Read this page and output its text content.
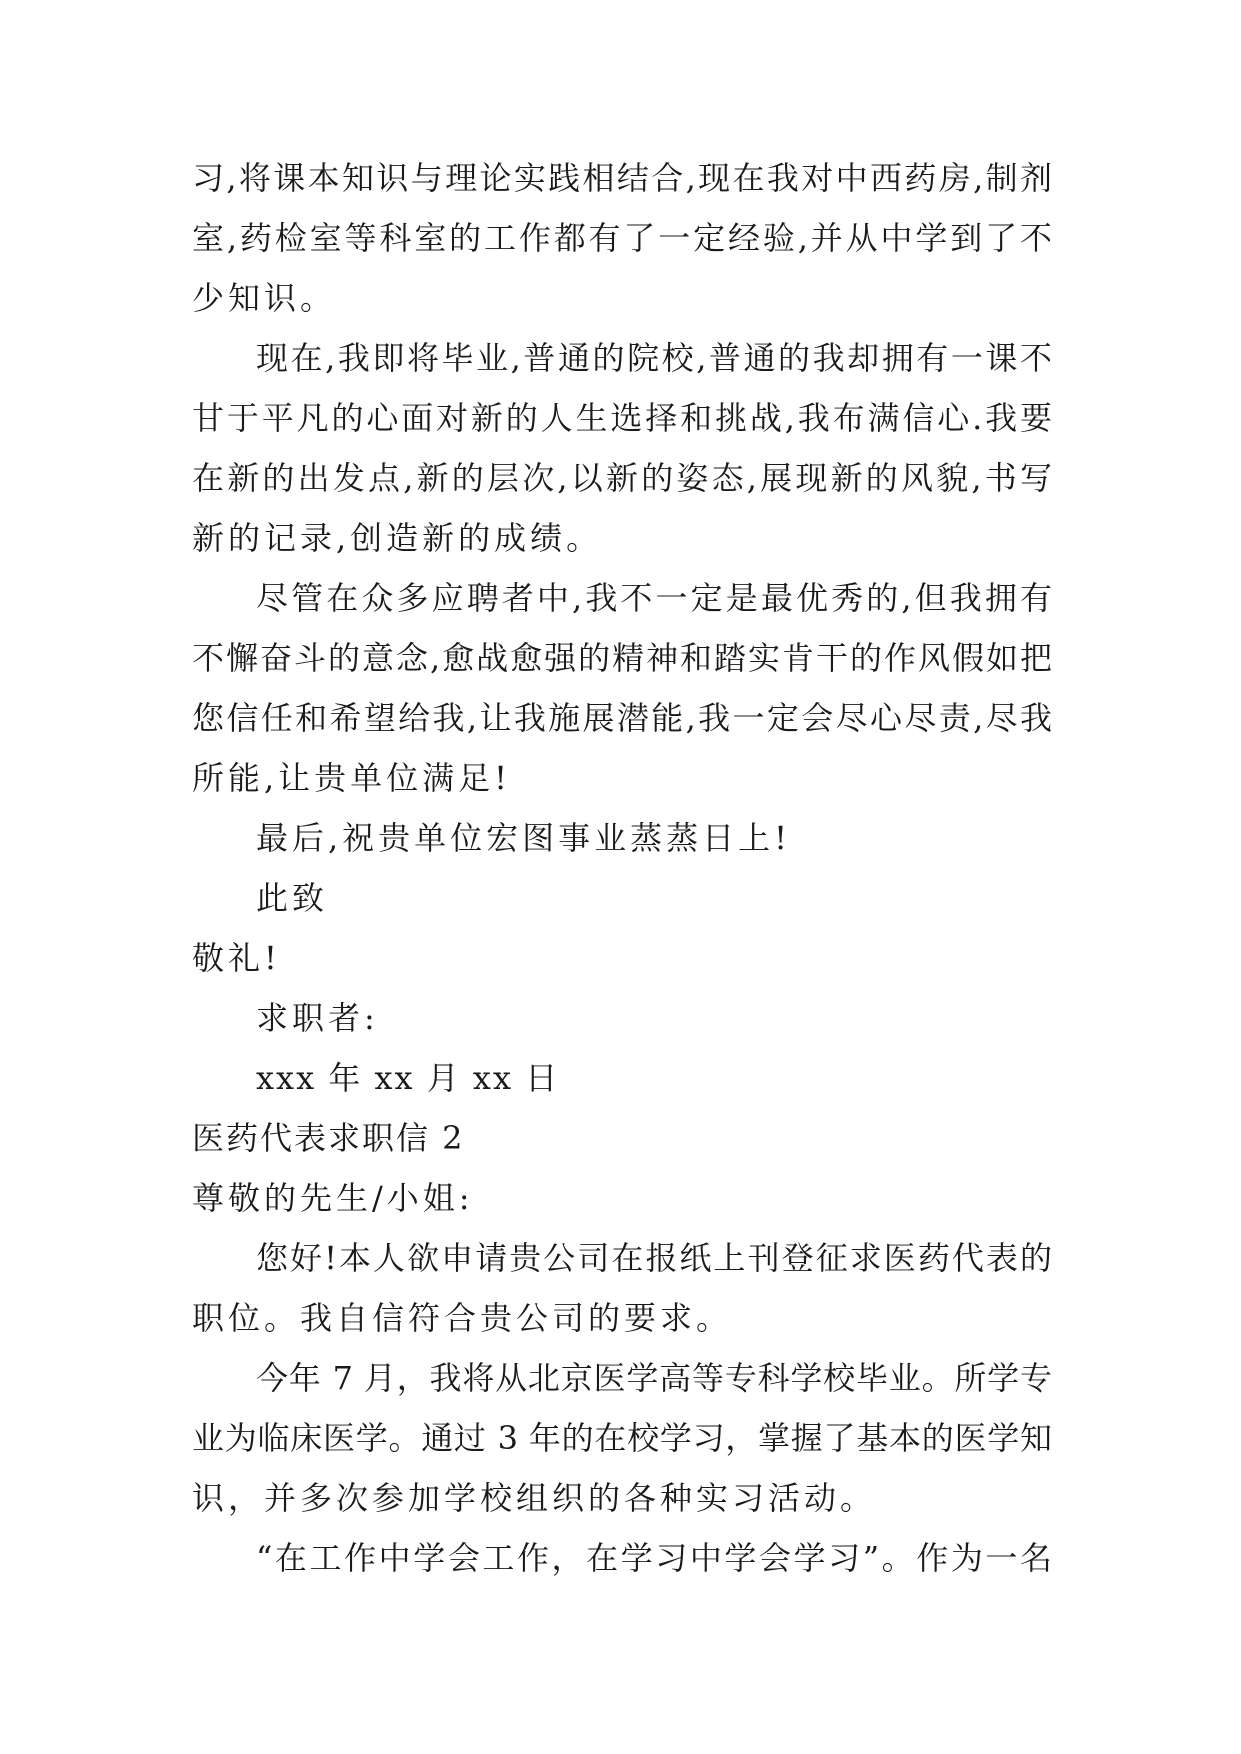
习,将课本知识与理论实践相结合,现在我对中西药房,制剂
室,药检室等科室的工作都有了一定经验,并从中学到了不
少知识。
现在,我即将毕业,普通的院校,普通的我却拥有一课不
甘于平凡的心面对新的人生选择和挑战,我布满信心.我要
在新的出发点,新的层次,以新的姿态,展现新的风貌,书写
新的记录,创造新的成绩。
尽管在众多应聘者中,我不一定是最优秀的,但我拥有
不懈奋斗的意念,愈战愈强的精神和踏实肯干的作风假如把
您信任和希望给我,让我施展潜能,我一定会尽心尽责,尽我
所能,让贵单位满足!
最后,祝贵单位宏图事业蒸蒸日上!
此致
敬礼!
求职者:
xxx 年 xx 月 xx 日
医药代表求职信 2
尊敬的先生/小姐:
您好!本人欲申请贵公司在报纸上刊登征求医药代表的
职位。我自信符合贵公司的要求。
今年 7 月，我将从北京医学高等专科学校毕业。所学专
业为临床医学。通过 3 年的在校学习，掌握了基本的医学知
识，并多次参加学校组织的各种实习活动。
“在工作中学会工作，在学习中学会学习”。作为一名
